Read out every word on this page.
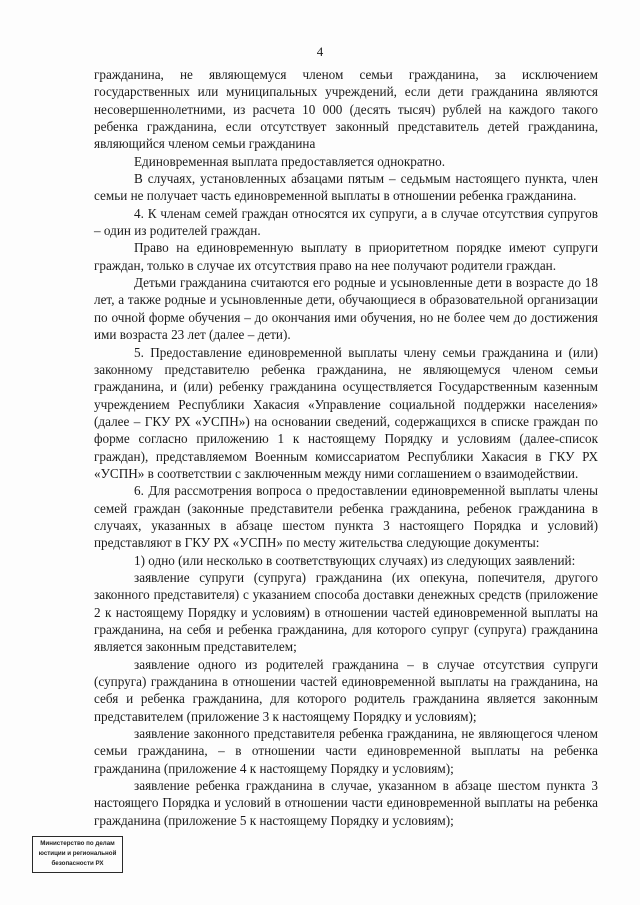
4

гражданина, не являющемуся членом семьи гражданина, за исключением государственных или муниципальных учреждений, если дети гражданина являются несовершеннолетними, из расчета 10 000 (десять тысяч) рублей на каждого такого ребенка гражданина, если отсутствует законный представитель детей гражданина, являющийся членом семьи гражданина

Единовременная выплата предоставляется однократно.

В случаях, установленных абзацами пятым – седьмым настоящего пункта, член семьи не получает часть единовременной выплаты в отношении ребенка гражданина.

4. К членам семей граждан относятся их супруги, а в случае отсутствия супругов – один из родителей граждан.

Право на единовременную выплату в приоритетном порядке имеют супруги граждан, только в случае их отсутствия право на нее получают родители граждан.

Детьми гражданина считаются его родные и усыновленные дети в возрасте до 18 лет, а также родные и усыновленные дети, обучающиеся в образовательной организации по очной форме обучения – до окончания ими обучения, но не более чем до достижения ими возраста 23 лет (далее – дети).

5. Предоставление единовременной выплаты члену семьи гражданина и (или) законному представителю ребенка гражданина, не являющемуся членом семьи гражданина, и (или) ребенку гражданина осуществляется Государственным казенным учреждением Республики Хакасия «Управление социальной поддержки населения» (далее – ГКУ РХ «УСПН») на основании сведений, содержащихся в списке граждан по форме согласно приложению 1 к настоящему Порядку и условиям (далее-список граждан), представляемом Военным комиссариатом Республики Хакасия в ГКУ РХ «УСПН» в соответствии с заключенным между ними соглашением о взаимодействии.

6. Для рассмотрения вопроса о предоставлении единовременной выплаты члены семей граждан (законные представители ребенка гражданина, ребенок гражданина в случаях, указанных в абзаце шестом пункта 3 настоящего Порядка и условий) представляют в ГКУ РХ «УСПН» по месту жительства следующие документы:

1) одно (или несколько в соответствующих случаях) из следующих заявлений:

заявление супруги (супруга) гражданина (их опекуна, попечителя, другого законного представителя) с указанием способа доставки денежных средств (приложение 2 к настоящему Порядку и условиям) в отношении частей единовременной выплаты на гражданина, на себя и ребенка гражданина, для которого супруг (супруга) гражданина является законным представителем;

заявление одного из родителей гражданина – в случае отсутствия супруги (супруга) гражданина в отношении частей единовременной выплаты на гражданина, на себя и ребенка гражданина, для которого родитель гражданина является законным представителем (приложение 3 к настоящему Порядку и условиям);

заявление законного представителя ребенка гражданина, не являющегося членом семьи гражданина, – в отношении части единовременной выплаты на ребенка гражданина (приложение 4 к настоящему Порядку и условиям);

заявление ребенка гражданина в случае, указанном в абзаце шестом пункта 3 настоящего Порядка и условий в отношении части единовременной выплаты на ребенка гражданина (приложение 5 к настоящему Порядку и условиям);

Министерство по делам
юстиции и региональной
безопасности РХ
